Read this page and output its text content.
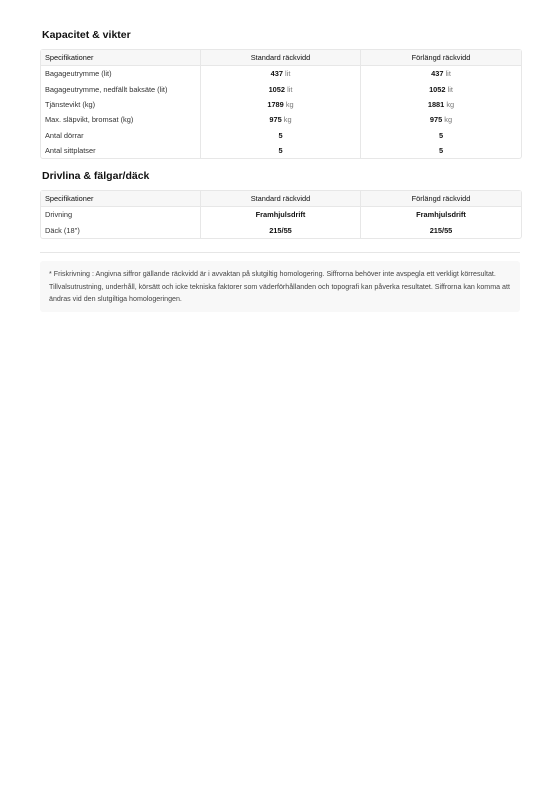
Kapacitet & vikter
Specifikationer	Standard räckvidd	Förlängd räckvidd
Bagageutrymme (lit)	437 lit	437 lit
Bagageutrymme, nedfällt baksäte (lit)	1052 lit	1052 lit
Tjänstevikt (kg)	1789 kg	1881 kg
Max. släpvikt, bromsat (kg)	975 kg	975 kg
Antal dörrar	5	5
Antal sittplatser	5	5
Drivlina & fälgar/däck
Specifikationer	Standard räckvidd	Förlängd räckvidd
Drivning	Framhjulsdrift	Framhjulsdrift
Däck (18'')	215/55	215/55
* Friskrivning : Angivna siffror gällande räckvidd är i avvaktan på slutgiltig homologering. Siffrorna behöver inte avspegla ett verkligt körresultat. Tillvalsutrustning, underhåll, körsätt och icke tekniska faktorer som väderförhållanden och topografi kan påverka resultatet. Siffrorna kan komma att ändras vid den slutgiltiga homologeringen.
